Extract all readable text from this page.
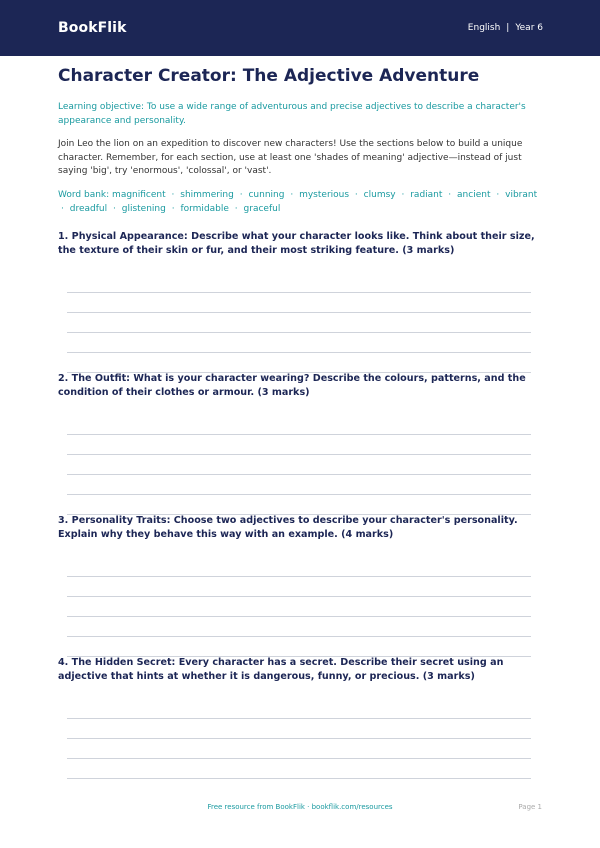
BookFlik	English | Year 6
Character Creator: The Adjective Adventure

Learning objective: To use a wide range of adventurous and precise adjectives to describe a character's appearance and personality.

Join Leo the lion on an expedition to discover new characters! Use the sections below to build a unique character. Remember, for each section, use at least one 'shades of meaning' adjective—instead of just saying 'big', try 'enormous', 'colossal', or 'vast'.

Word bank: magnificent · shimmering · cunning · mysterious · clumsy · radiant · ancient · vibrant · dreadful · glistening · formidable · graceful

1. Physical Appearance: Describe what your character looks like. Think about their size, the texture of their skin or fur, and their most striking feature. (3 marks)

2. The Outfit: What is your character wearing? Describe the colours, patterns, and the condition of their clothes or armour. (3 marks)

3. Personality Traits: Choose two adjectives to describe your character's personality. Explain why they behave this way with an example. (4 marks)

4. The Hidden Secret: Every character has a secret. Describe their secret using an adjective that hints at whether it is dangerous, funny, or precious. (3 marks)

Free resource from BookFlik · bookflik.com/resources	Page 1
